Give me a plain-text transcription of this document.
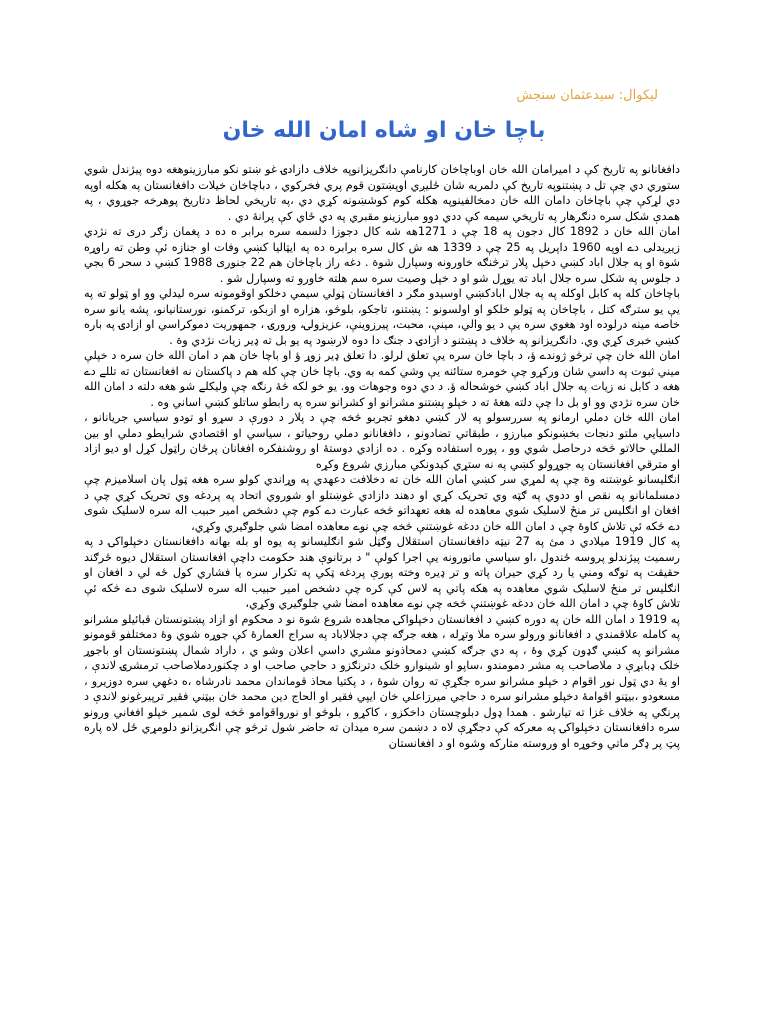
ليکوال: سيدعثمان سنجش
باچا خان او شاه امان الله خان

دافغانانو په تاريخ کې د اميرامان الله خان اوباچاخان کارنامې دانګريزانوپه خلاف دازادۍ غو ښتو نکو مبارزينوهغه دوه پيژندل شوي ستوري دي چې تل د پښتنوپه تاريخ کې دلمريه شان ځليږي اوپښتون قوم پري فخرکوي ، دباچاخان خيلات دافغانستان په هکله اوپه دي لړکې چې باچاخان دامان الله خان دمخالفينوپه هکله کوم کوشښونه کړي دي ،په تاريخي لحاظ دتاريخ پوهرخه جوړوي ، په همدې شکل سره دنګرهار په تاريخي سيمه کې ددي دوو مبارزينو مقبري په دي ځاي کې پرانۀ دي .

امان الله خان د 1892 کال دجون په 18 چې د 1271هه شه کال دجوزا دلسمه سره برابر ه ده د پغمان زګر درى ته نژدي زيږيدلی دے اوپه 1960 داپريل په 25 چې د 1339 هه ش کال سره برابره ده په ايټاليا کښي وفات او جنازه ئې وطن ته راوړه شوة او په جلال اباد کښي دخپل پلار ترڅنګه خاورونه وسپارل شوة . دغه راز باچاخان هم 22 جنورى 1988 کښي د سحر 6 بجي د جلوس په شکل سره جلال اباد ته يوړل شو او د خپل وصيت سره سم هلته خاورو ته وسپارل شو .

باچاخان کله په کابل اوکله په په جلال ابادکښي اوسيدو مګر د افغانستان ټولي سيمي دخلکو اوقومونه سره ليدلي وو او ټولو ته په يې يو سترګه کتل ، باچاخان په ټولو خلکو او اولسونو : پښتنو، تاجکو، بلوڅو، هزاره او ازبکو، ترکمنو، نورستانيانو، پشه يانو سره خاصه مينه درلوده اود هغوي سره يې د يو والي، مينې، محبت، پيرزوينې، عزيزولۍ، ورورۍ ، جمهوريت دموکراسي او ازادۍ په باره کښي خبرى کړي وي. دانګريزانو په خلاف د پښتنو د ازادۍ د جنګ دا دوه لارښود په يو بل ته ډير زيات نژدي وة .

امان الله خان چې ترڅو ژوندے ؤ، د باچا خان سره يې تعلق لرلو. دا تعلق ډير زوړ ؤ او باچا خان هم د امان الله خان سره د خپلې ميني ثبوت په داسي شان ورکړو چې خومره ستائنه يې وشي کمه به وي. باچا خان چې کله هم د پاکستان نه افغانستان ته تللے دے هغه د کابل نه زيات په جلال اباد کښي خوشحاله ؤ. د دي دوه وجوهات وو. يو خو لکه څۀ رنګه چې وليکلے شو هغه دلته د امان الله خان سره نژدي وو او بل دا چې دلته هغۀ ته د خپلو پښتنو مشرانو او کشرانو سره په رابطو ساتلو کښي اساني وه .

امان الله خان دملي ارمانو په سررسولو په لار کښي دهغو تجربو څخه چې د پلار د دورې د سړو او تودو سياسي جريانانو ، داسيايي ملتو دنجات بخښونکو مبارزو ، طبقاتي تضادونو ، دافغانانو دملي روحياتو ، سياسي او اقتصادي شرايطو دملي او بين المللي حالاتو څخه درحاصل شوي وو ، پوره استفاده وکړه . ده ازادي دوستۀ او روشنفکره افغانان پرځان راټول کړل او ديو ازاد او مترقي افغانستان په جوړولو کښي په نه ستړي کيدونکي مبارزي شروع وکړه

انګليسانو غوښتنه وة چې په لمړي سر کښي امان الله خان ته دخلافت دعهدي په وړاندي کولو سره هغه ټول پان اسلاميزم چې دمسلمانانو په نقص او ددوي په ګټه وي تحريک کړي او دهند دازادي غوښتلو او شوروي اتحاد په پردغه وي تحريک کړي چې د افغان او انګليس تر منځ لاسليک شوي معاهده له هغه تعهداتو څخه عبارت دے کوم چې دشخص امير حبيب اله سره لاسليک شوى دے څکه ئې تلاش کاوۀ چې د امان الله خان ددغه غوښتنې څخه چې نوے معاهده امضا شي جلوګيري وکړي،

په کال 1919 ميلادي د مئ په 27 نيټه دافغانستان استقلال وګټل شو انګليسانو په يوه او بله بهانه دافغانستان دخپلواکۍ د په رسميت پيژندلو پروسه ځندول ،او سياسي مانورونه يې اجرا کولې " د برتانوې هند حکومت داچې افغانستان استقلال ديوه ځرګند حقيقت په توګه ومني يا رد کړي حيران پاته و تر ډيره وخته پورې پردغه ټکي په تکرار سره يا فشاري کول ځه لي د افغان او انګليس تر منځ لاسليک شوي معاهده په هکه پاتي په لاس کې کره چې دشخص امير حبيب اله سره لاسليک شوى دے څکه ئې تلاش کاوۀ چې د امان الله خان ددغه غوښتنې څخه چې نوے معاهده امضا شي جلوګيري وکړي،

په 1919 د امان الله خان په دوره کښي د افغانستان دخپلواکۍ مجاهده شروع شوة نو د محکوم او ازاد پښتونستان قبائيلو مشرانو په کامله علاقمندي د افغانانو ورولو سره ملا وتړله ، هغه جرګه چې دجلالاباد په سراج العمارۀ کې جوړه شوي وۀ دمختلفو قومونو مشرانو په کښي ګډون کړي وۀ ، په دي جرګه کښي دمحاذونو مشري داسي اعلان وشو ي ، داراد شمال پښتونستان او باجوړ خلک ډبابړې د ملاصاحب په مشر دمومندو ،ساپو او شينوارو خلک دترنګزو د حاجي صاحب او د چکنوردملاصاحب ترمشرۍ لاندې ، او يۀ دي ټول نور اقوام د خپلو مشرانو سره جګړې ته روان شوۀ ، د پکتيا محاذ قوماندان محمد نادرشاه ،ه دغهي سره دوزيرو ، مسعودو ،بيټنو اقوامۀ دخپلو مشرانو سره د حاجي ميرزاعلي خان ايپي فقير او الحاج دين محمد خان بيټني فقير ترپيرغونو لاندې د پرنګي په خلاف غزا ته تيارشو . همدا ډول دبلوچستان داخکزو ، کاکړو ، بلوڅو او نورواقوامو څخه لوی شمير خپلو افغاني ورونو سره دافغانستان دخپلواکۍ په معرکه کې دجګړې لاه د دښمن سره ميدان ته حاضر شول ترڅو چې انګريزانو دلومړي ځل لاه پاره پټ پر ډګر ماتي وخوړه او وروسته متارکه وشوه او د افغانستان
